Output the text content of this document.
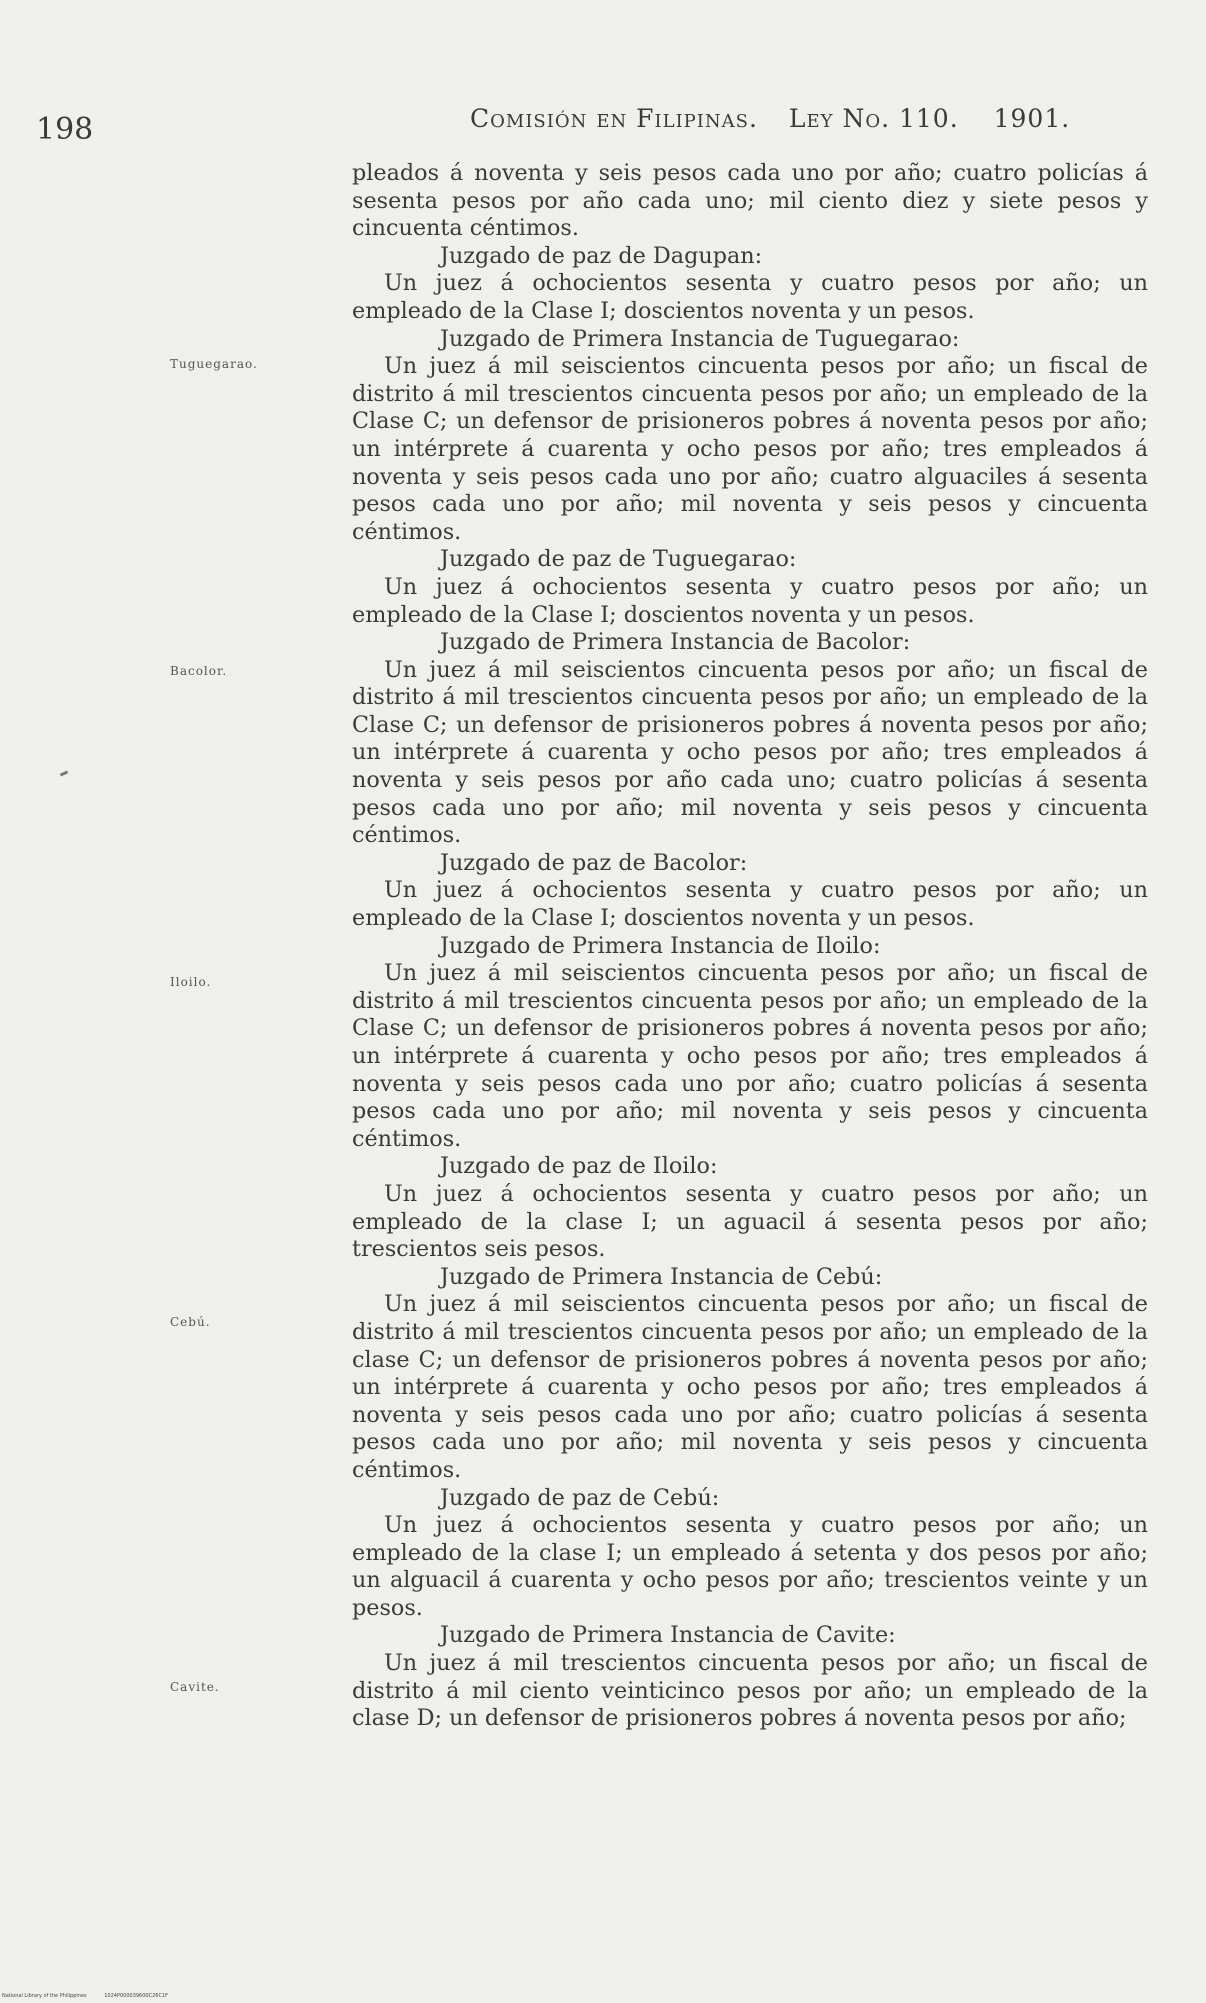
198	Comisión en Filipinas. Ley No. 110. 1901.
Tuguegarao.
Bacolor.
Iloilo.
Cebú.
Cavite.

pleados á noventa y seis pesos cada uno por año; cuatro policías á sesenta pesos por año cada uno; mil ciento diez y siete pesos y cincuenta céntimos.

Juzgado de paz de Dagupan:

Un juez á ochocientos sesenta y cuatro pesos por año; un empleado de la Clase I; doscientos noventa y un pesos.

Juzgado de Primera Instancia de Tuguegarao:

Un juez á mil seiscientos cincuenta pesos por año; un fiscal de distrito á mil trescientos cincuenta pesos por año; un empleado de la Clase C; un defensor de prisioneros pobres á noventa pesos por año; un intérprete á cuarenta y ocho pesos por año; tres empleados á noventa y seis pesos cada uno por año; cuatro alguaciles á sesenta pesos cada uno por año; mil noventa y seis pesos y cincuenta céntimos.

Juzgado de paz de Tuguegarao:

Un juez á ochocientos sesenta y cuatro pesos por año; un empleado de la Clase I; doscientos noventa y un pesos.

Juzgado de Primera Instancia de Bacolor:

Un juez á mil seiscientos cincuenta pesos por año; un fiscal de distrito á mil trescientos cincuenta pesos por año; un empleado de la Clase C; un defensor de prisioneros pobres á noventa pesos por año; un intérprete á cuarenta y ocho pesos por año; tres empleados á noventa y seis pesos por año cada uno; cuatro policías á sesenta pesos cada uno por año; mil noventa y seis pesos y cincuenta céntimos.

Juzgado de paz de Bacolor:

Un juez á ochocientos sesenta y cuatro pesos por año; un empleado de la Clase I; doscientos noventa y un pesos.

Juzgado de Primera Instancia de Iloilo:

Un juez á mil seiscientos cincuenta pesos por año; un fiscal de distrito á mil trescientos cincuenta pesos por año; un empleado de la Clase C; un defensor de prisioneros pobres á noventa pesos por año; un intérprete á cuarenta y ocho pesos por año; tres empleados á noventa y seis pesos cada uno por año; cuatro policías á sesenta pesos cada uno por año; mil noventa y seis pesos y cincuenta céntimos.

Juzgado de paz de Iloilo:

Un juez á ochocientos sesenta y cuatro pesos por año; un empleado de la clase I; un aguacil á sesenta pesos por año; trescientos seis pesos.

Juzgado de Primera Instancia de Cebú:

Un juez á mil seiscientos cincuenta pesos por año; un fiscal de distrito á mil trescientos cincuenta pesos por año; un empleado de la clase C; un defensor de prisioneros pobres á noventa pesos por año; un intérprete á cuarenta y ocho pesos por año; tres empleados á noventa y seis pesos cada uno por año; cuatro policías á sesenta pesos cada uno por año; mil noventa y seis pesos y cincuenta céntimos.

Juzgado de paz de Cebú:

Un juez á ochocientos sesenta y cuatro pesos por año; un empleado de la clase I; un empleado á setenta y dos pesos por año; un alguacil á cuarenta y ocho pesos por año; trescientos veinte y un pesos.

Juzgado de Primera Instancia de Cavite:

Un juez á mil trescientos cincuenta pesos por año; un fiscal de distrito á mil ciento veinticinco pesos por año; un empleado de la clase D; un defensor de prisioneros pobres á noventa pesos por año;

National Library of the Philippines	1024P000039600C26C1F
